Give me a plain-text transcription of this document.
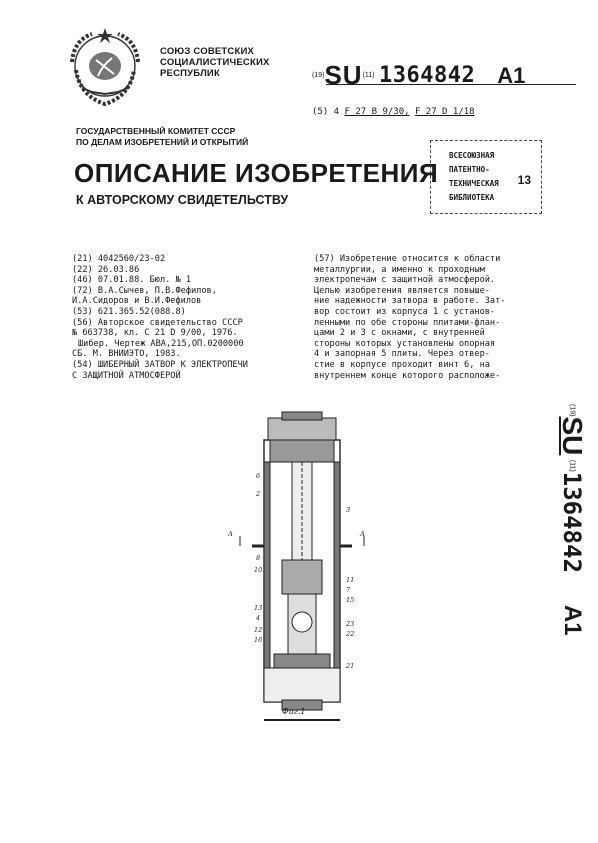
СОЮЗ СОВЕТСКИХ
СОЦИАЛИСТИЧЕСКИХ
РЕСПУБЛИК	(19)SU(11) 1364842 A1
(5) 4 F 27 B 9/30, F 27 D 1/18
ГОСУДАРСТВЕННЫЙ КОМИТЕТ СССР
ПО ДЕЛАМ ИЗОБРЕТЕНИЙ И ОТКРЫТИЙ
ОПИСАНИЕ ИЗОБРЕТЕНИЯ
К АВТОРСКОМУ СВИДЕТЕЛЬСТВУ
ВСЕСОЮЗНАЯ
ПАТЕНТНО-
ТЕХНИЧЕСКАЯ
БИБЛИОТЕКА
13
(21) 4042560/23-02
(22) 26.03.86
(46) 07.01.88. Бюл. № 1
(72) В.А.Сычев, П.В.Фефилов,
И.А.Сидоров и В.И.Фефилов
(53) 621.365.52(088.8)
(56) Авторское свидетельство СССР
№ 663738, кл. С 21 D 9/00, 1976.
Шибер. Чертеж АВА,215,ОП.0200000
СБ. М. ВНИИЭТО, 1983.
(54) ШИБЕРНЫЙ ЗАТВОР К ЭЛЕКТРОПЕЧИ
С ЗАЩИТНОЙ АТМОСФЕРОЙ
(57) Изобретение относится к области
металлургии, а именно к проходным
электропечам с защитной атмосферой.
Целью изобретения является повыше-
ние надежности затвора в работе. Зат-
вор состоит из корпуса 1 с установ-
ленными по обе стороны плитами-флан-
цами 2 и 3 с окнами, с внутренней
стороны которых установлены опорная
4 и запорная 5 плиты. Через отвер-
стие в корпусе проходит винт 6, на
внутреннем конце которого расположе-
А	А
6
2
3
8
10
11
7
15
13
4
23
22
12
16
21
Фиг.1
(19)SU (11)1364842A1
